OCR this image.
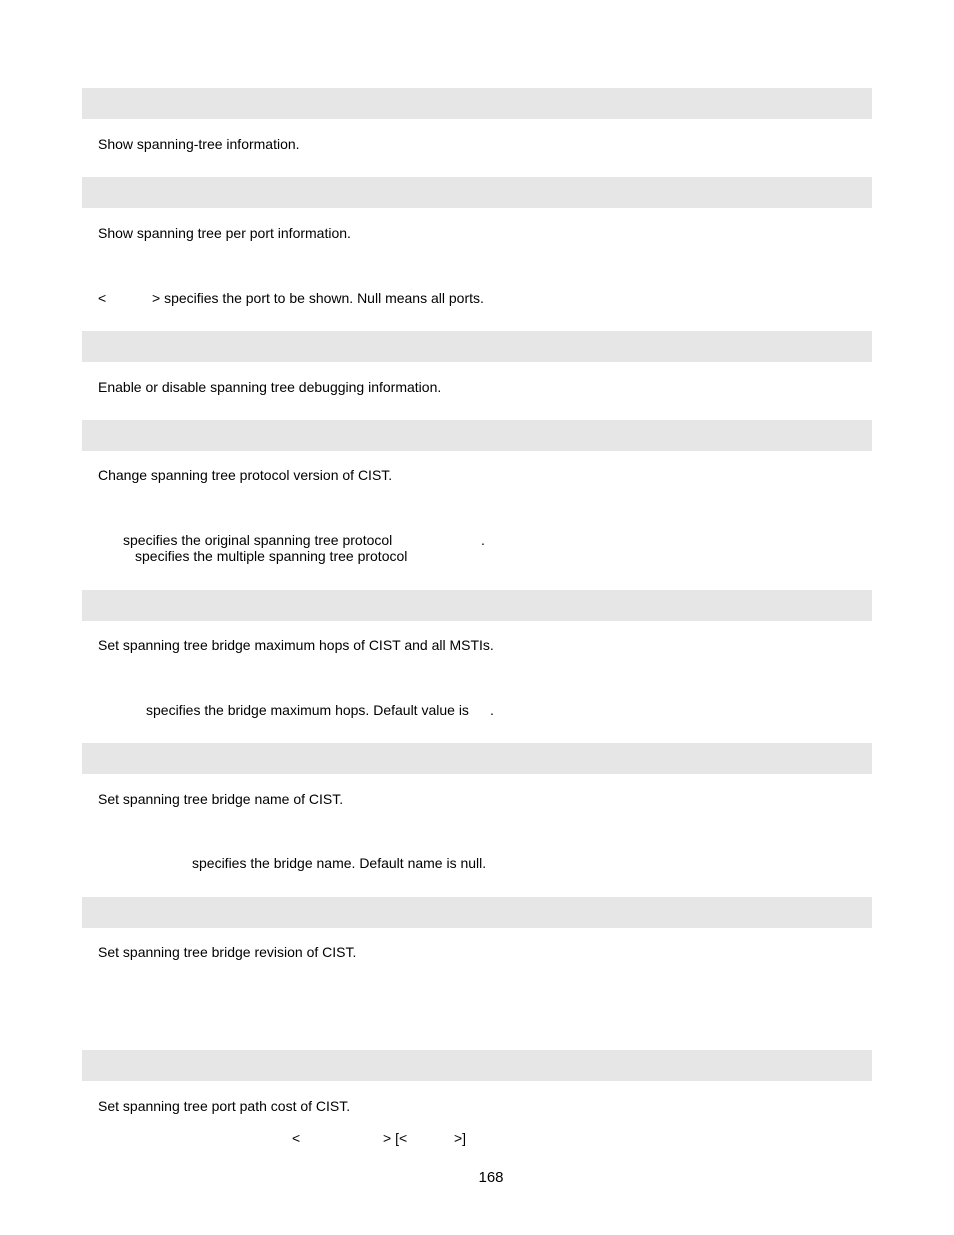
Show spanning-tree information.
Show spanning tree per port information.
<	> specifies the port to be shown. Null means all ports.
Enable or disable spanning tree debugging information.
Change spanning tree protocol version of CIST.
specifies the original spanning tree protocol	.
specifies the multiple spanning tree protocol
Set spanning tree bridge maximum hops of CIST and all MSTIs.
specifies the bridge maximum hops. Default value is .
Set spanning tree bridge name of CIST.
specifies the bridge name. Default name is null.
Set spanning tree bridge revision of CIST.
Set spanning tree port path cost of CIST.
<	> [<	>]
168
